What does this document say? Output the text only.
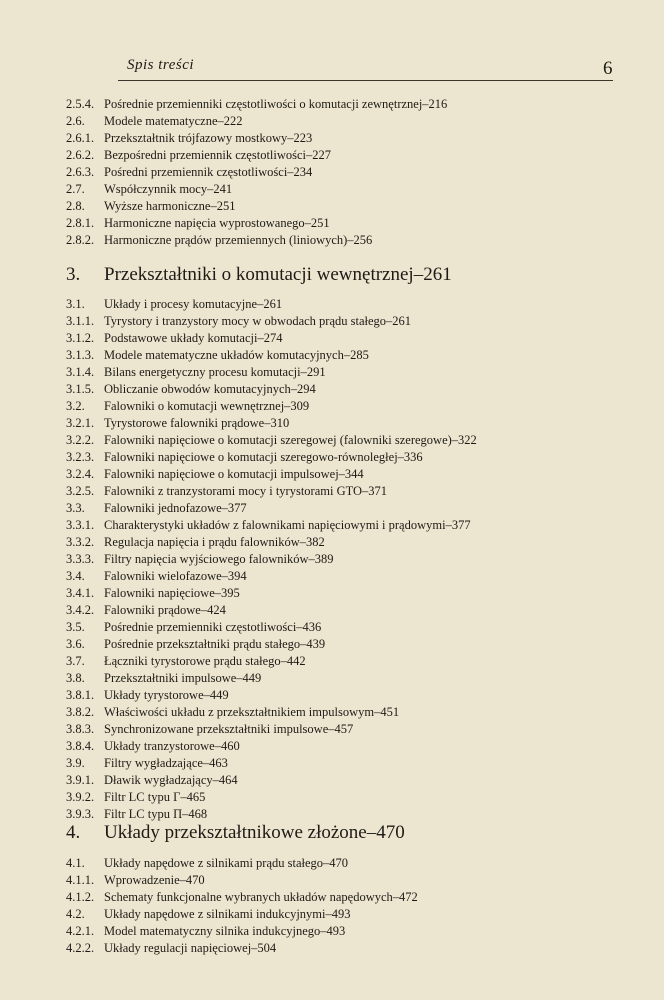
Spis treści	6
2.5.4. Pośrednie przemienniki częstotliwości o komutacji zewnętrznej–216
2.6. Modele matematyczne–222
2.6.1. Przekształtnik trójfazowy mostkowy–223
2.6.2. Bezpośredni przemiennik częstotliwości–227
2.6.3. Pośredni przemiennik częstotliwości–234
2.7. Współczynnik mocy–241
2.8. Wyższe harmoniczne–251
2.8.1. Harmoniczne napięcia wyprostowanego–251
2.8.2. Harmoniczne prądów przemiennych (liniowych)–256
3. Przekształtniki o komutacji wewnętrznej–261
3.1. Układy i procesy komutacyjne–261
3.1.1. Tyrystory i tranzystory mocy w obwodach prądu stałego–261
3.1.2. Podstawowe układy komutacji–274
3.1.3. Modele matematyczne układów komutacyjnych–285
3.1.4. Bilans energetyczny procesu komutacji–291
3.1.5. Obliczanie obwodów komutacyjnych–294
3.2. Falowniki o komutacji wewnętrznej–309
3.2.1. Tyrystorowe falowniki prądowe–310
3.2.2. Falowniki napięciowe o komutacji szeregowej (falowniki szeregowe)–322
3.2.3. Falowniki napięciowe o komutacji szeregowo-równoległej–336
3.2.4. Falowniki napięciowe o komutacji impulsowej–344
3.2.5. Falowniki z tranzystorami mocy i tyrystorami GTO–371
3.3. Falowniki jednofazowe–377
3.3.1. Charakterystyki układów z falownikami napięciowymi i prądowymi–377
3.3.2. Regulacja napięcia i prądu falowników–382
3.3.3. Filtry napięcia wyjściowego falowników–389
3.4. Falowniki wielofazowe–394
3.4.1. Falowniki napięciowe–395
3.4.2. Falowniki prądowe–424
3.5. Pośrednie przemienniki częstotliwości–436
3.6. Pośrednie przekształtniki prądu stałego–439
3.7. Łączniki tyrystorowe prądu stałego–442
3.8. Przekształtniki impulsowe–449
3.8.1. Układy tyrystorowe–449
3.8.2. Właściwości układu z przekształtnikiem impulsowym–451
3.8.3. Synchronizowane przekształtniki impulsowe–457
3.8.4. Układy tranzystorowe–460
3.9. Filtry wygładzające–463
3.9.1. Dławik wygładzający–464
3.9.2. Filtr LC typu Γ–465
3.9.3. Filtr LC typu Π–468
4. Układy przekształtnikowe złożone–470
4.1. Układy napędowe z silnikami prądu stałego–470
4.1.1. Wprowadzenie–470
4.1.2. Schematy funkcjonalne wybranych układów napędowych–472
4.2. Układy napędowe z silnikami indukcyjnymi–493
4.2.1. Model matematyczny silnika indukcyjnego–493
4.2.2. Układy regulacji napięciowej–504
